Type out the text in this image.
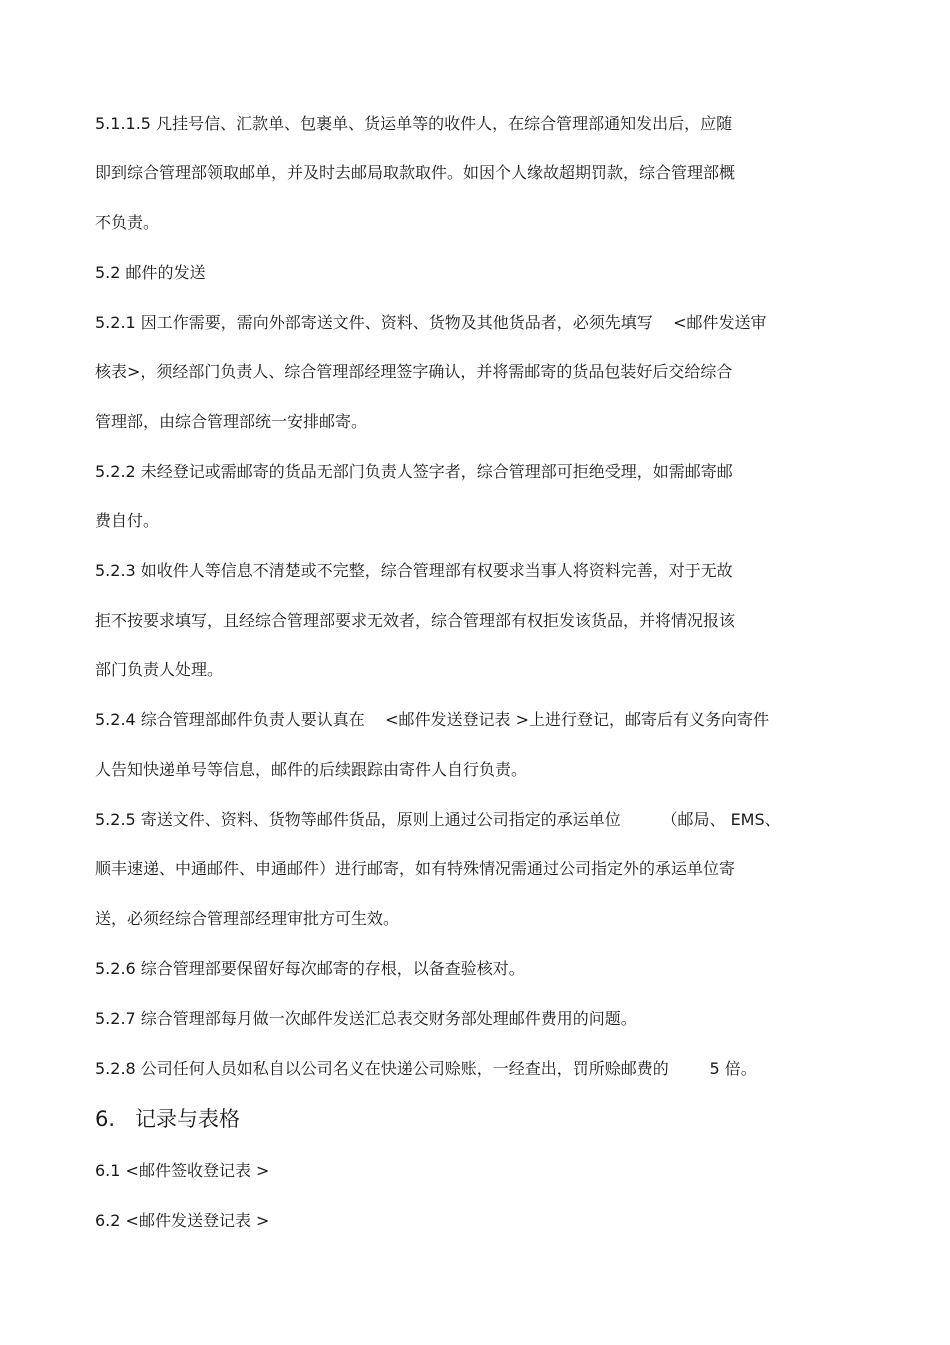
5.1.1.5 凡挂号信、汇款单、包裹单、货运单等的收件人，在综合管理部通知发出后，应随
即到综合管理部领取邮单，并及时去邮局取款取件。如因个人缘故超期罚款，综合管理部概
不负责。
5.2 邮件的发送
5.2.1 因工作需要，需向外部寄送文件、资料、货物及其他货品者，必须先填写    <邮件发送审
核表>，须经部门负责人、综合管理部经理签字确认，并将需邮寄的货品包装好后交给综合
管理部，由综合管理部统一安排邮寄。
5.2.2 未经登记或需邮寄的货品无部门负责人签字者，综合管理部可拒绝受理，如需邮寄邮
费自付。
5.2.3 如收件人等信息不清楚或不完整，综合管理部有权要求当事人将资料完善，对于无故
拒不按要求填写，且经综合管理部要求无效者，综合管理部有权拒发该货品，并将情况报该
部门负责人处理。
5.2.4 综合管理部邮件负责人要认真在    <邮件发送登记表 >上进行登记，邮寄后有义务向寄件
人告知快递单号等信息，邮件的后续跟踪由寄件人自行负责。
5.2.5 寄送文件、资料、货物等邮件货品，原则上通过公司指定的承运单位        （邮局、 EMS、
顺丰速递、中通邮件、申通邮件）进行邮寄，如有特殊情况需通过公司指定外的承运单位寄
送，必须经综合管理部经理审批方可生效。
5.2.6 综合管理部要保留好每次邮寄的存根，以备查验核对。
5.2.7 综合管理部每月做一次邮件发送汇总表交财务部处理邮件费用的问题。
5.2.8 公司任何人员如私自以公司名义在快递公司赊账，一经查出，罚所赊邮费的        5 倍。
6.   记录与表格
6.1 <邮件签收登记表 >
6.2 <邮件发送登记表 >
